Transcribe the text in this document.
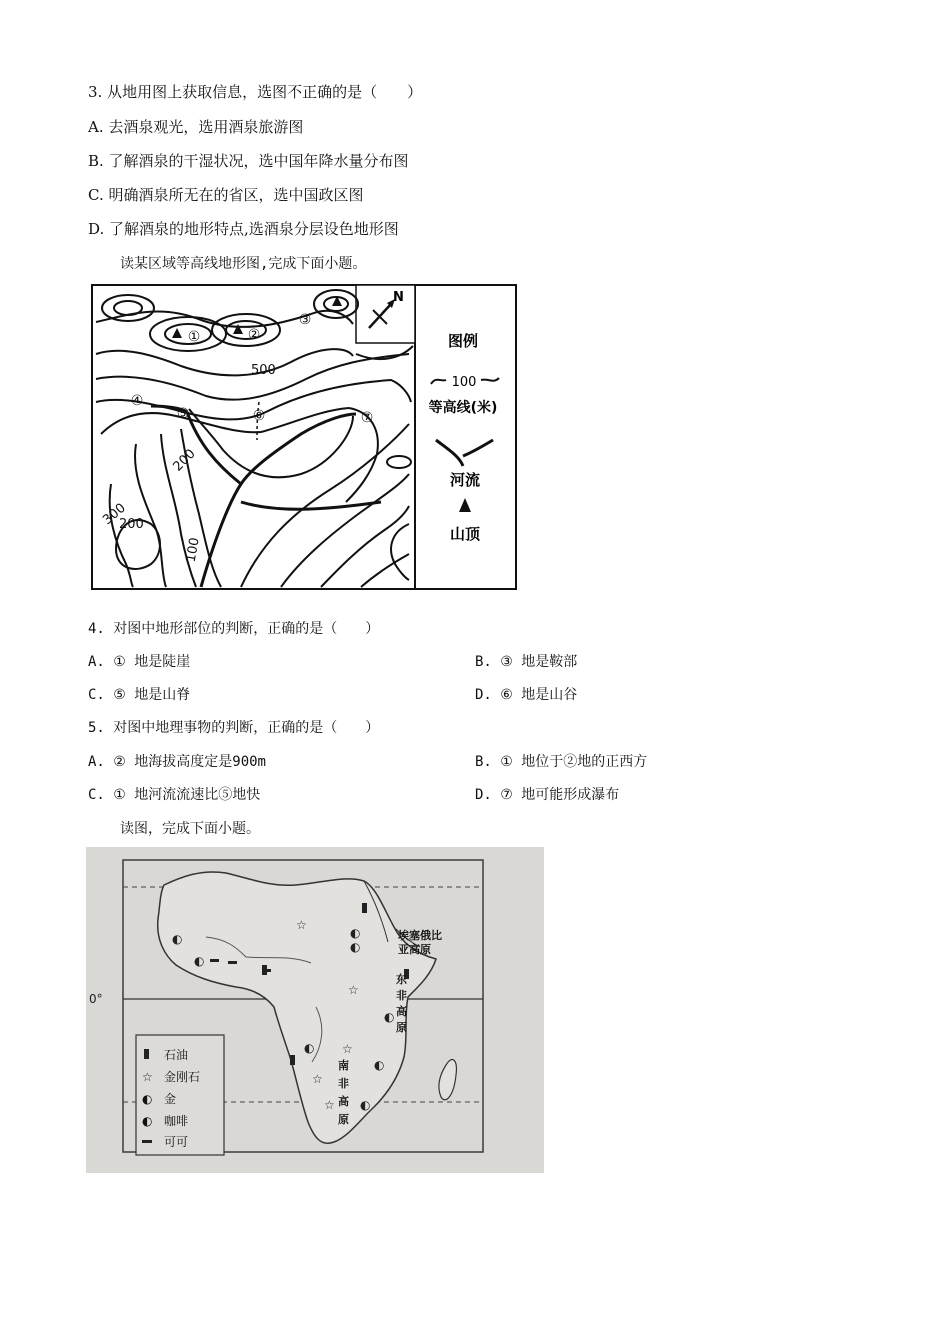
3. 从地用图上获取信息，选图不正确的是（　　）
A. 去酒泉观光，选用酒泉旅游图
B. 了解酒泉的干湿状况，选中国年降水量分布图
C. 明确酒泉所无在的省区，选中国政区图
D. 了解酒泉的地形特点,选酒泉分层设色地形图
读某区域等高线地形图,完成下面小题。
N
①	②
③
④
⑤	⑥	⑦
500
200
300
200
100
图例
100
等高线(米)
河流
山顶
4. 对图中地形部位的判断，正确的是（　　）
A. ① 地是陡崖	B. ③ 地是鞍部
C. ⑤ 地是山脊	D. ⑥ 地是山谷
5. 对图中地理事物的判断，正确的是（　　）
A. ② 地海拔高度定是900m	B. ① 地位于②地的正西方
C. ① 地河流流速比⑤地快	D. ⑦ 地可能形成瀑布
读图，完成下面小题。
0°
☆
☆
☆
☆
☆
◐	◐
◐
◐
◐
◐
◐
◐
埃塞俄比亚高原
东非高原
南非高原
石油
☆ 金刚石
◐ 金
◐ 咖啡
可可
